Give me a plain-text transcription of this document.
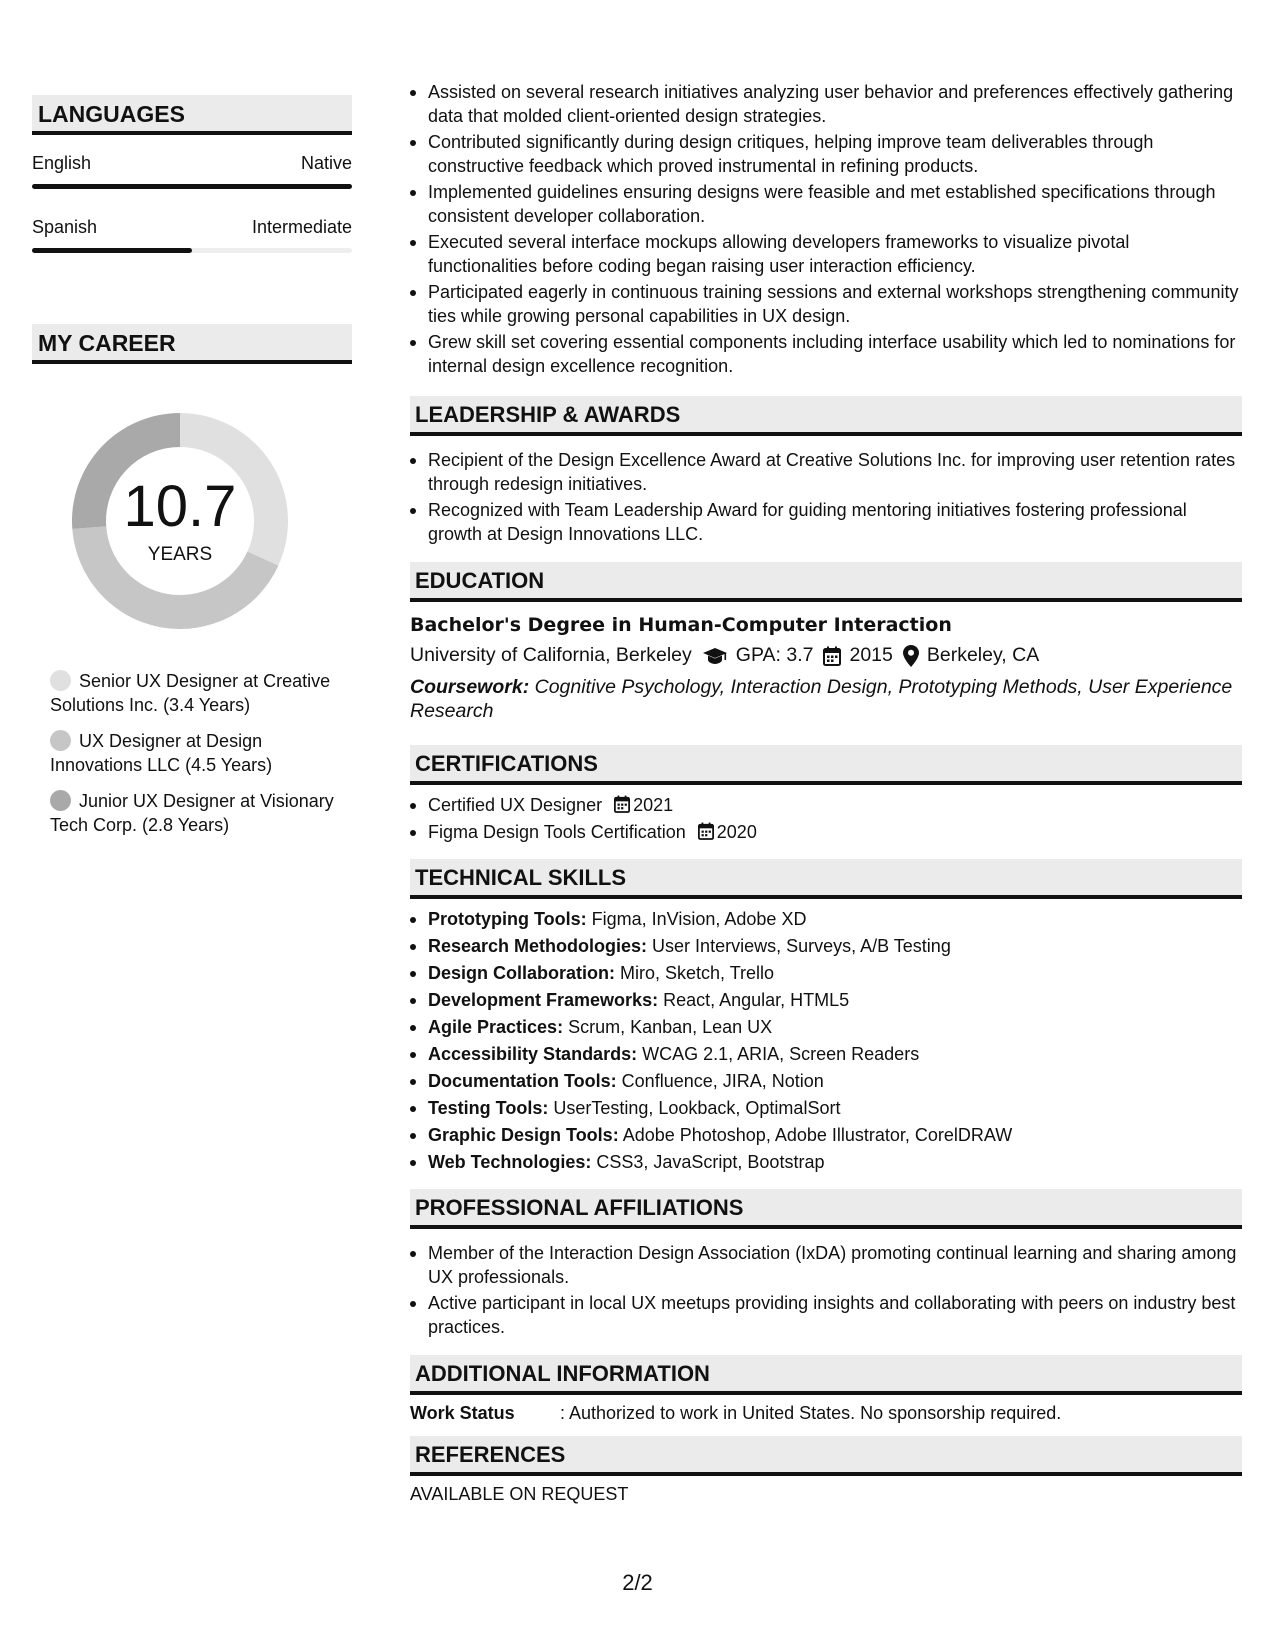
LANGUAGES
English	Native
Spanish	Intermediate
MY CAREER
10.7
YEARS
Senior UX Designer at Creative Solutions Inc. (3.4 Years)
UX Designer at Design Innovations LLC (4.5 Years)
Junior UX Designer at Visionary Tech Corp. (2.8 Years)
Assisted on several research initiatives analyzing user behavior and preferences effectively gathering data that molded client-oriented design strategies.
Contributed significantly during design critiques, helping improve team deliverables through constructive feedback which proved instrumental in refining products.
Implemented guidelines ensuring designs were feasible and met established specifications through consistent developer collaboration.
Executed several interface mockups allowing developers frameworks to visualize pivotal functionalities before coding began raising user interaction efficiency.
Participated eagerly in continuous training sessions and external workshops strengthening community ties while growing personal capabilities in UX design.
Grew skill set covering essential components including interface usability which led to nominations for internal design excellence recognition.
LEADERSHIP & AWARDS
Recipient of the Design Excellence Award at Creative Solutions Inc. for improving user retention rates through redesign initiatives.
Recognized with Team Leadership Award for guiding mentoring initiatives fostering professional growth at Design Innovations LLC.
EDUCATION
Bachelor's Degree in Human-Computer Interaction
University of California, Berkeley GPA: 3.7 2015 Berkeley, CA
Coursework: Cognitive Psychology, Interaction Design, Prototyping Methods, User Experience Research
CERTIFICATIONS
Certified UX Designer 2021
Figma Design Tools Certification 2020
TECHNICAL SKILLS
Prototyping Tools: Figma, InVision, Adobe XD
Research Methodologies: User Interviews, Surveys, A/B Testing
Design Collaboration: Miro, Sketch, Trello
Development Frameworks: React, Angular, HTML5
Agile Practices: Scrum, Kanban, Lean UX
Accessibility Standards: WCAG 2.1, ARIA, Screen Readers
Documentation Tools: Confluence, JIRA, Notion
Testing Tools: UserTesting, Lookback, OptimalSort
Graphic Design Tools: Adobe Photoshop, Adobe Illustrator, CorelDRAW
Web Technologies: CSS3, JavaScript, Bootstrap
PROFESSIONAL AFFILIATIONS
Member of the Interaction Design Association (IxDA) promoting continual learning and sharing among UX professionals.
Active participant in local UX meetups providing insights and collaborating with peers on industry best practices.
ADDITIONAL INFORMATION
Work Status	: Authorized to work in United States. No sponsorship required.
REFERENCES
AVAILABLE ON REQUEST
2/2
